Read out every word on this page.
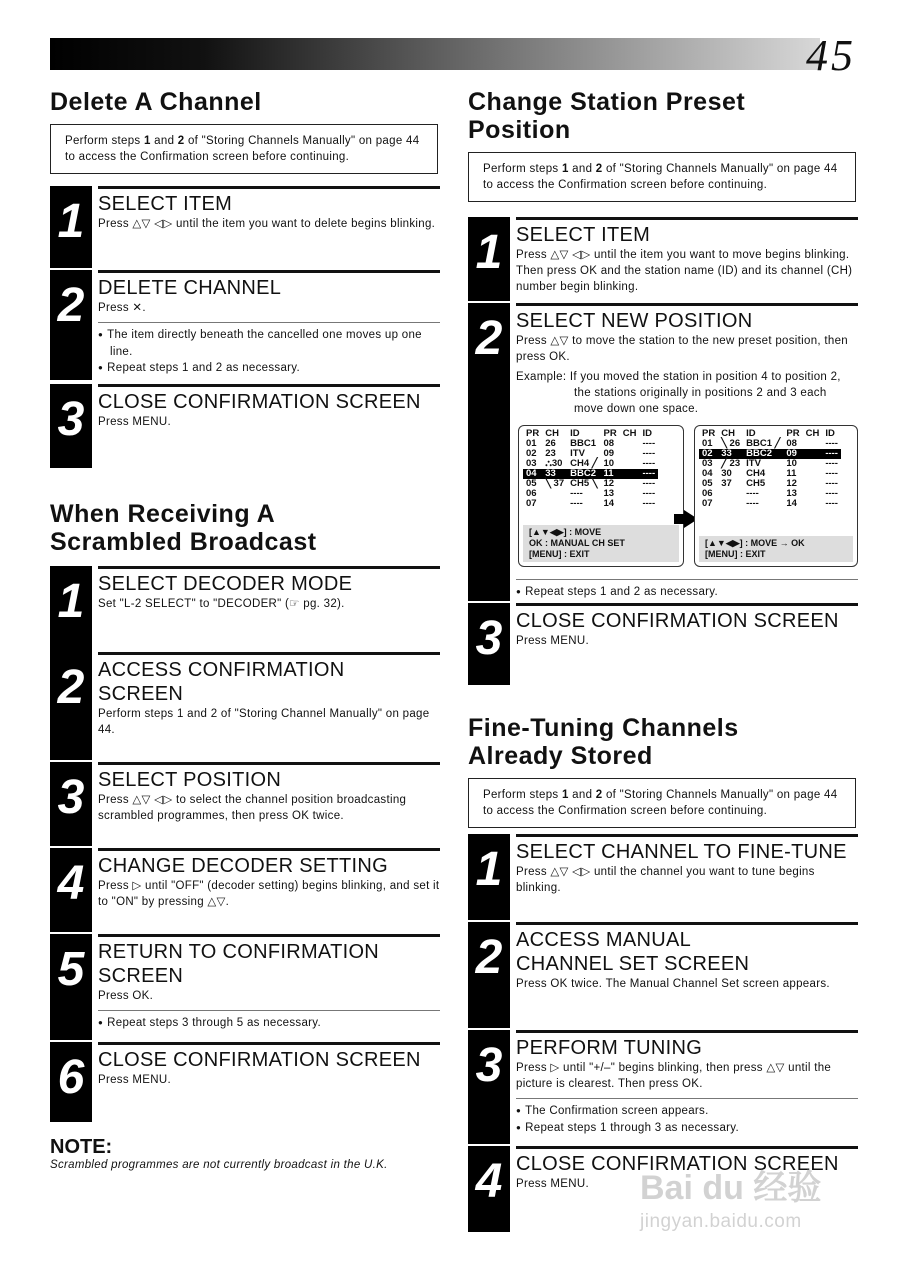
45
Delete A Channel
Perform steps 1 and 2 of "Storing Channels Manually" on page 44 to access the Confirmation screen before continuing.
1 SELECT ITEM
Press △▽ ◁▷ until the item you want to delete begins blinking.
2 DELETE CHANNEL
Press ✕.
● The item directly beneath the cancelled one moves up one line.
● Repeat steps 1 and 2 as necessary.
3 CLOSE CONFIRMATION SCREEN
Press MENU.
When Receiving A
Scrambled Broadcast
1 SELECT DECODER MODE
Set "L-2 SELECT" to "DECODER" (☞ pg. 32).
2 ACCESS CONFIRMATION
SCREEN
Perform steps 1 and 2 of "Storing Channel Manually" on page 44.
3 SELECT POSITION
Press △▽ ◁▷ to select the channel position broadcasting scrambled programmes, then press OK twice.
4 CHANGE DECODER SETTING
Press ▷ until "OFF" (decoder setting) begins blinking, and set it to "ON" by pressing △▽.
5 RETURN TO CONFIRMATION
SCREEN
Press OK.
● Repeat steps 3 through 5 as necessary.
6 CLOSE CONFIRMATION SCREEN
Press MENU.
NOTE:
Scrambled programmes are not currently broadcast in the U.K.
Change Station Preset
Position
Perform steps 1 and 2 of "Storing Channels Manually" on page 44 to access the Confirmation screen before continuing.
1 SELECT ITEM
Press △▽ ◁▷ until the item you want to move begins blinking. Then press OK and the station name (ID) and its channel (CH) number begin blinking.
2 SELECT NEW POSITION
Press △▽ to move the station to the new preset position, then press OK.
Example: If you moved the station in position 4 to position 2, the stations originally in positions 2 and 3 each move down one space.
PR	CH	ID	PR	CH	ID
01	26	BBC1	08		----
02	23	ITV	09		----
03	⛬30	CH4 ╱	10		----
04	33	BBC2	11		----
05	╲ 37	CH5 ╲	12		----
06		----	13		----
07		----	14		----
[▲▼◀▶] : MOVE
OK : MANUAL CH SET
[MENU] : EXIT
PR	CH	ID	PR	CH	ID
01	╲ 26	BBC1 ╱	08		----
02	33	BBC2	09		----
03	╱ 23	ITV	10		----
04	30	CH4	11		----
05	37	CH5	12		----
06		----	13		----
07		----	14		----
[▲▼◀▶] : MOVE → OK
[MENU] : EXIT
● Repeat steps 1 and 2 as necessary.
3 CLOSE CONFIRMATION SCREEN
Press MENU.
Fine-Tuning Channels
Already Stored
Perform steps 1 and 2 of "Storing Channels Manually" on page 44 to access the Confirmation screen before continuing.
1 SELECT CHANNEL TO FINE-TUNE
Press △▽ ◁▷ until the channel you want to tune begins blinking.
2 ACCESS MANUAL
CHANNEL SET SCREEN
Press OK twice. The Manual Channel Set screen appears.
3 PERFORM TUNING
Press ▷ until "+/–" begins blinking, then press △▽ until the picture is clearest. Then press OK.
● The Confirmation screen appears.
● Repeat steps 1 through 3 as necessary.
4 CLOSE CONFIRMATION SCREEN
Press MENU.	Bai du 经验
jingyan.baidu.com
